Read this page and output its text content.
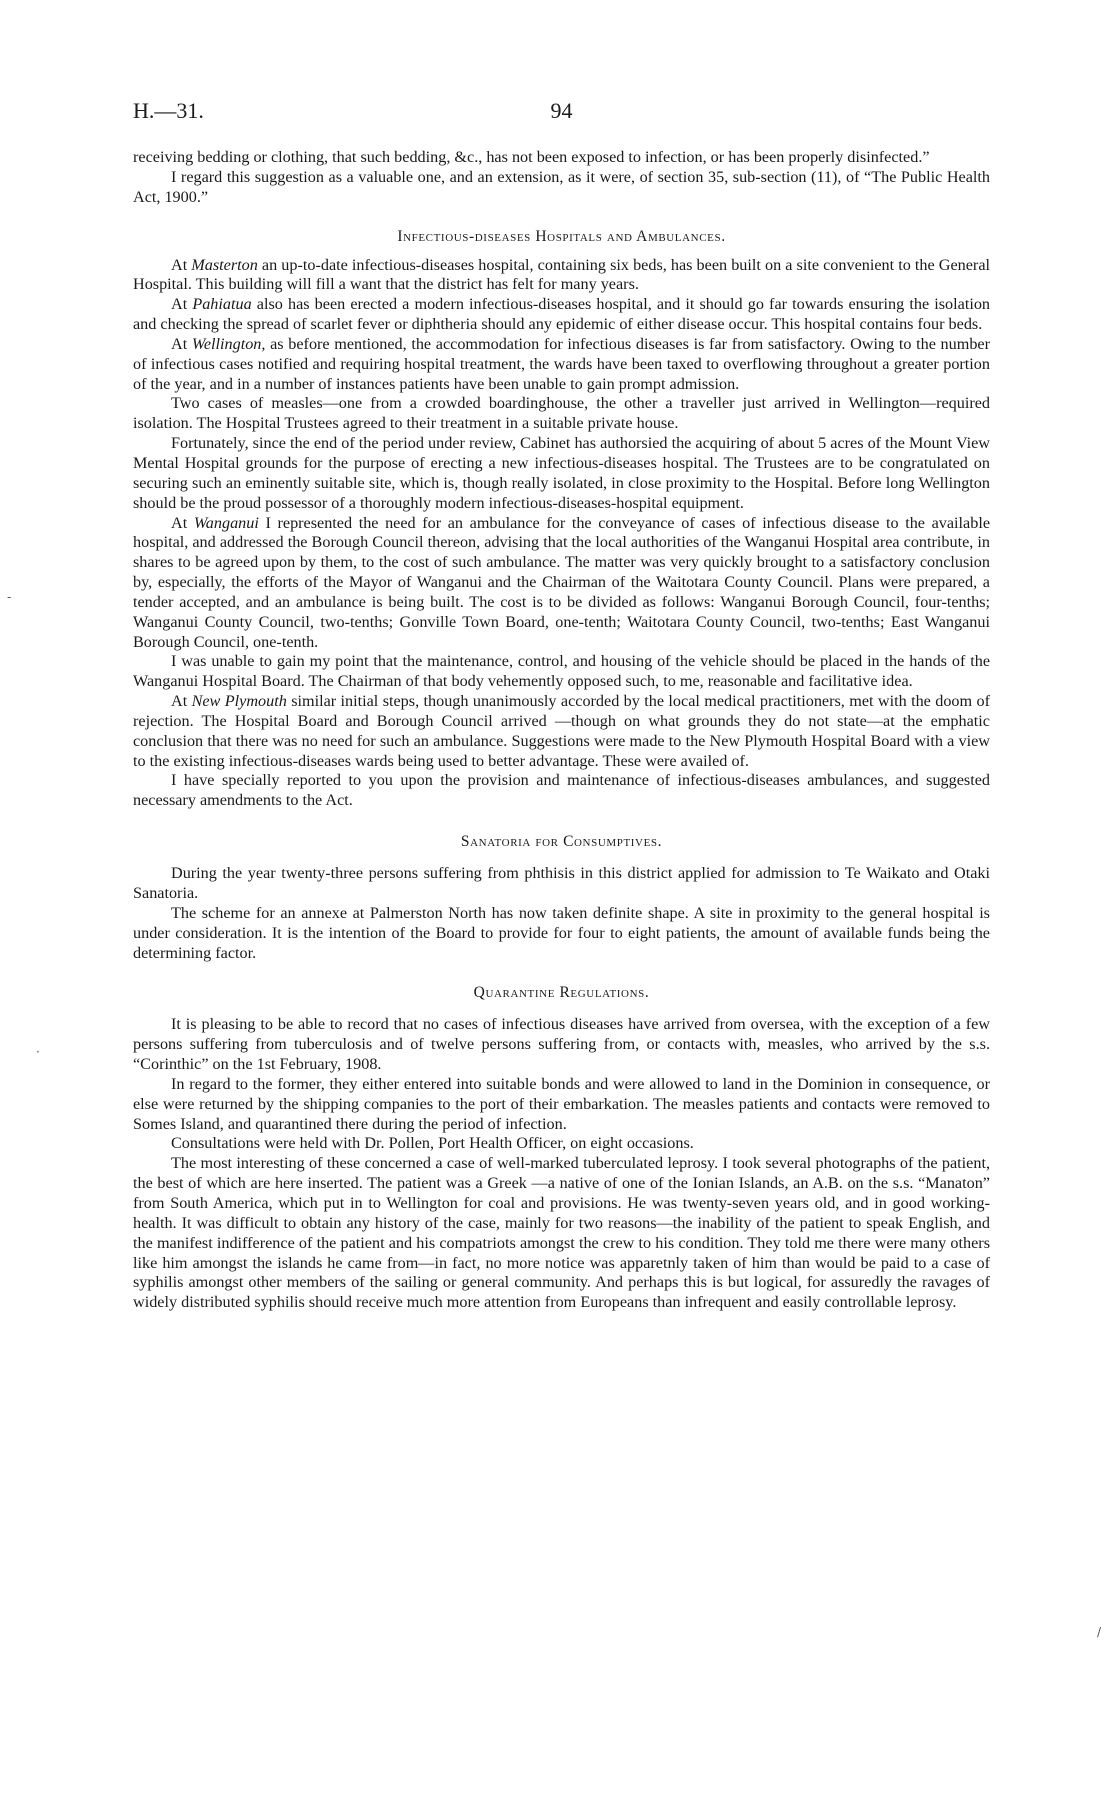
H.—31.	94
-
·
/

receiving bedding or clothing, that such bedding, &c., has not been exposed to infection, or has been properly disinfected.”

I regard this suggestion as a valuable one, and an extension, as it were, of section 35, sub-section (11), of “The Public Health Act, 1900.”

Infectious-diseases Hospitals and Ambulances.

At Masterton an up-to-date infectious-diseases hospital, containing six beds, has been built on a site convenient to the General Hospital. This building will fill a want that the district has felt for many years.

At Pahiatua also has been erected a modern infectious-diseases hospital, and it should go far towards ensuring the isolation and checking the spread of scarlet fever or diphtheria should any epidemic of either disease occur. This hospital contains four beds.

At Wellington, as before mentioned, the accommodation for infectious diseases is far from satisfactory. Owing to the number of infectious cases notified and requiring hospital treatment, the wards have been taxed to overflowing throughout a greater portion of the year, and in a number of instances patients have been unable to gain prompt admission.

Two cases of measles—one from a crowded boardinghouse, the other a traveller just arrived in Wellington—required isolation. The Hospital Trustees agreed to their treatment in a suitable private house.

Fortunately, since the end of the period under review, Cabinet has authorsied the acquiring of about 5 acres of the Mount View Mental Hospital grounds for the purpose of erecting a new infectious-diseases hospital. The Trustees are to be congratulated on securing such an eminently suitable site, which is, though really isolated, in close proximity to the Hospital. Before long Wellington should be the proud possessor of a thoroughly modern infectious-diseases-hospital equipment.

At Wanganui I represented the need for an ambulance for the conveyance of cases of infectious disease to the available hospital, and addressed the Borough Council thereon, advising that the local authorities of the Wanganui Hospital area contribute, in shares to be agreed upon by them, to the cost of such ambulance. The matter was very quickly brought to a satisfactory conclusion by, especially, the efforts of the Mayor of Wanganui and the Chairman of the Waitotara County Council. Plans were prepared, a tender accepted, and an ambulance is being built. The cost is to be divided as follows: Wanganui Borough Council, four-tenths; Wanganui County Council, two-tenths; Gonville Town Board, one-tenth; Waitotara County Council, two-tenths; East Wanganui Borough Council, one-tenth.

I was unable to gain my point that the maintenance, control, and housing of the vehicle should be placed in the hands of the Wanganui Hospital Board. The Chairman of that body vehemently opposed such, to me, reasonable and facilitative idea.

At New Plymouth similar initial steps, though unanimously accorded by the local medical practitioners, met with the doom of rejection. The Hospital Board and Borough Council arrived —though on what grounds they do not state—at the emphatic conclusion that there was no need for such an ambulance. Suggestions were made to the New Plymouth Hospital Board with a view to the existing infectious-diseases wards being used to better advantage. These were availed of.

I have specially reported to you upon the provision and maintenance of infectious-diseases ambulances, and suggested necessary amendments to the Act.

Sanatoria for Consumptives.

During the year twenty-three persons suffering from phthisis in this district applied for admission to Te Waikato and Otaki Sanatoria.

The scheme for an annexe at Palmerston North has now taken definite shape. A site in proximity to the general hospital is under consideration. It is the intention of the Board to provide for four to eight patients, the amount of available funds being the determining factor.

Quarantine Regulations.

It is pleasing to be able to record that no cases of infectious diseases have arrived from oversea, with the exception of a few persons suffering from tuberculosis and of twelve persons suffering from, or contacts with, measles, who arrived by the s.s. “Corinthic” on the 1st February, 1908.

In regard to the former, they either entered into suitable bonds and were allowed to land in the Dominion in consequence, or else were returned by the shipping companies to the port of their embarkation. The measles patients and contacts were removed to Somes Island, and quarantined there during the period of infection.

Consultations were held with Dr. Pollen, Port Health Officer, on eight occasions.

The most interesting of these concerned a case of well-marked tuberculated leprosy. I took several photographs of the patient, the best of which are here inserted. The patient was a Greek —a native of one of the Ionian Islands, an A.B. on the s.s. “Manaton” from South America, which put in to Wellington for coal and provisions. He was twenty-seven years old, and in good working-health. It was difficult to obtain any history of the case, mainly for two reasons—the inability of the patient to speak English, and the manifest indifference of the patient and his compatriots amongst the crew to his condition. They told me there were many others like him amongst the islands he came from—in fact, no more notice was apparetnly taken of him than would be paid to a case of syphilis amongst other members of the sailing or general community. And perhaps this is but logical, for assuredly the ravages of widely distributed syphilis should receive much more attention from Europeans than infrequent and easily controllable leprosy.
